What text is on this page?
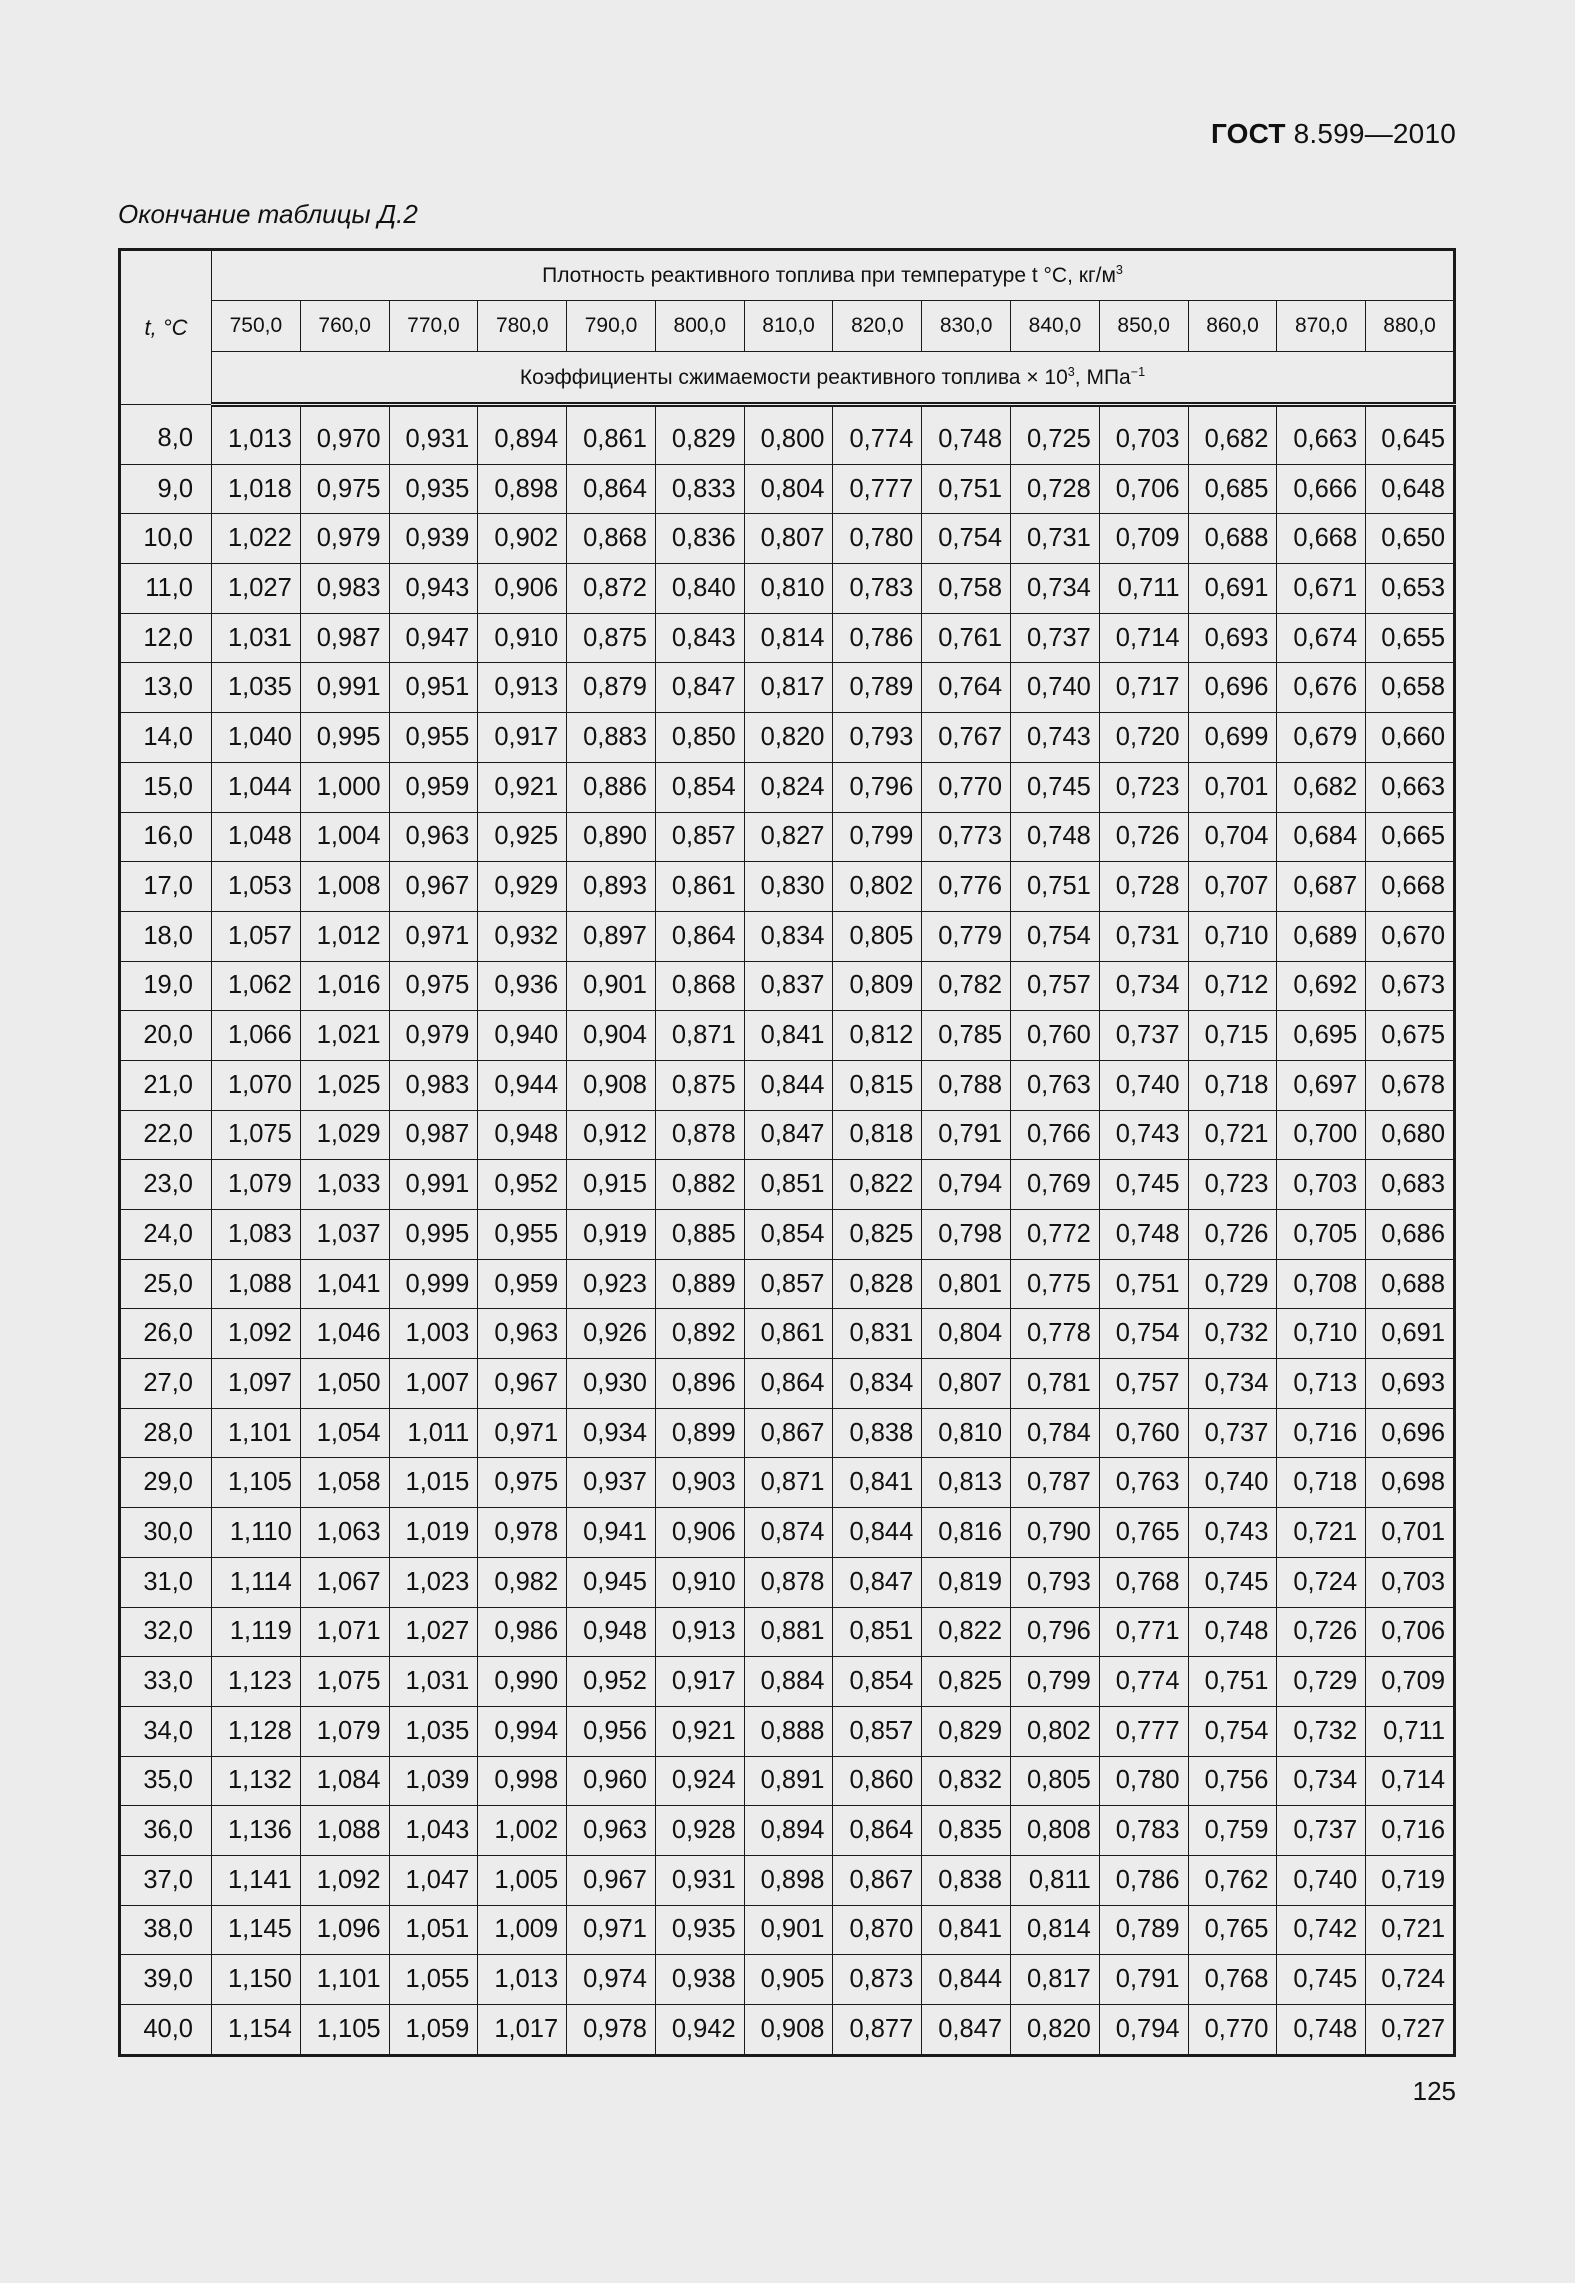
ГОСТ 8.599—2010
Окончание таблицы Д.2
t, °C	Плотность реактивного топлива при температуре t °C, $кг/м^3$
	750,0	760,0	770,0	780,0	790,0	800,0	810,0	820,0	830,0	840,0	850,0	860,0	870,0	880,0
	Коэффициенты сжимаемости реактивного топлива × $10^3$, МПа$^{-1}$
8,0	1,013	0,970	0,931	0,894	0,861	0,829	0,800	0,774	0,748	0,725	0,703	0,682	0,663	0,645
9,0	1,018	0,975	0,935	0,898	0,864	0,833	0,804	0,777	0,751	0,728	0,706	0,685	0,666	0,648
10,0	1,022	0,979	0,939	0,902	0,868	0,836	0,807	0,780	0,754	0,731	0,709	0,688	0,668	0,650
11,0	1,027	0,983	0,943	0,906	0,872	0,840	0,810	0,783	0,758	0,734	0,711	0,691	0,671	0,653
12,0	1,031	0,987	0,947	0,910	0,875	0,843	0,814	0,786	0,761	0,737	0,714	0,693	0,674	0,655
13,0	1,035	0,991	0,951	0,913	0,879	0,847	0,817	0,789	0,764	0,740	0,717	0,696	0,676	0,658
14,0	1,040	0,995	0,955	0,917	0,883	0,850	0,820	0,793	0,767	0,743	0,720	0,699	0,679	0,660
15,0	1,044	1,000	0,959	0,921	0,886	0,854	0,824	0,796	0,770	0,745	0,723	0,701	0,682	0,663
16,0	1,048	1,004	0,963	0,925	0,890	0,857	0,827	0,799	0,773	0,748	0,726	0,704	0,684	0,665
17,0	1,053	1,008	0,967	0,929	0,893	0,861	0,830	0,802	0,776	0,751	0,728	0,707	0,687	0,668
18,0	1,057	1,012	0,971	0,932	0,897	0,864	0,834	0,805	0,779	0,754	0,731	0,710	0,689	0,670
19,0	1,062	1,016	0,975	0,936	0,901	0,868	0,837	0,809	0,782	0,757	0,734	0,712	0,692	0,673
20,0	1,066	1,021	0,979	0,940	0,904	0,871	0,841	0,812	0,785	0,760	0,737	0,715	0,695	0,675
21,0	1,070	1,025	0,983	0,944	0,908	0,875	0,844	0,815	0,788	0,763	0,740	0,718	0,697	0,678
22,0	1,075	1,029	0,987	0,948	0,912	0,878	0,847	0,818	0,791	0,766	0,743	0,721	0,700	0,680
23,0	1,079	1,033	0,991	0,952	0,915	0,882	0,851	0,822	0,794	0,769	0,745	0,723	0,703	0,683
24,0	1,083	1,037	0,995	0,955	0,919	0,885	0,854	0,825	0,798	0,772	0,748	0,726	0,705	0,686
25,0	1,088	1,041	0,999	0,959	0,923	0,889	0,857	0,828	0,801	0,775	0,751	0,729	0,708	0,688
26,0	1,092	1,046	1,003	0,963	0,926	0,892	0,861	0,831	0,804	0,778	0,754	0,732	0,710	0,691
27,0	1,097	1,050	1,007	0,967	0,930	0,896	0,864	0,834	0,807	0,781	0,757	0,734	0,713	0,693
28,0	1,101	1,054	1,011	0,971	0,934	0,899	0,867	0,838	0,810	0,784	0,760	0,737	0,716	0,696
29,0	1,105	1,058	1,015	0,975	0,937	0,903	0,871	0,841	0,813	0,787	0,763	0,740	0,718	0,698
30,0	1,110	1,063	1,019	0,978	0,941	0,906	0,874	0,844	0,816	0,790	0,765	0,743	0,721	0,701
31,0	1,114	1,067	1,023	0,982	0,945	0,910	0,878	0,847	0,819	0,793	0,768	0,745	0,724	0,703
32,0	1,119	1,071	1,027	0,986	0,948	0,913	0,881	0,851	0,822	0,796	0,771	0,748	0,726	0,706
33,0	1,123	1,075	1,031	0,990	0,952	0,917	0,884	0,854	0,825	0,799	0,774	0,751	0,729	0,709
34,0	1,128	1,079	1,035	0,994	0,956	0,921	0,888	0,857	0,829	0,802	0,777	0,754	0,732	0,711
35,0	1,132	1,084	1,039	0,998	0,960	0,924	0,891	0,860	0,832	0,805	0,780	0,756	0,734	0,714
36,0	1,136	1,088	1,043	1,002	0,963	0,928	0,894	0,864	0,835	0,808	0,783	0,759	0,737	0,716
37,0	1,141	1,092	1,047	1,005	0,967	0,931	0,898	0,867	0,838	0,811	0,786	0,762	0,740	0,719
38,0	1,145	1,096	1,051	1,009	0,971	0,935	0,901	0,870	0,841	0,814	0,789	0,765	0,742	0,721
39,0	1,150	1,101	1,055	1,013	0,974	0,938	0,905	0,873	0,844	0,817	0,791	0,768	0,745	0,724
40,0	1,154	1,105	1,059	1,017	0,978	0,942	0,908	0,877	0,847	0,820	0,794	0,770	0,748	0,727
125
